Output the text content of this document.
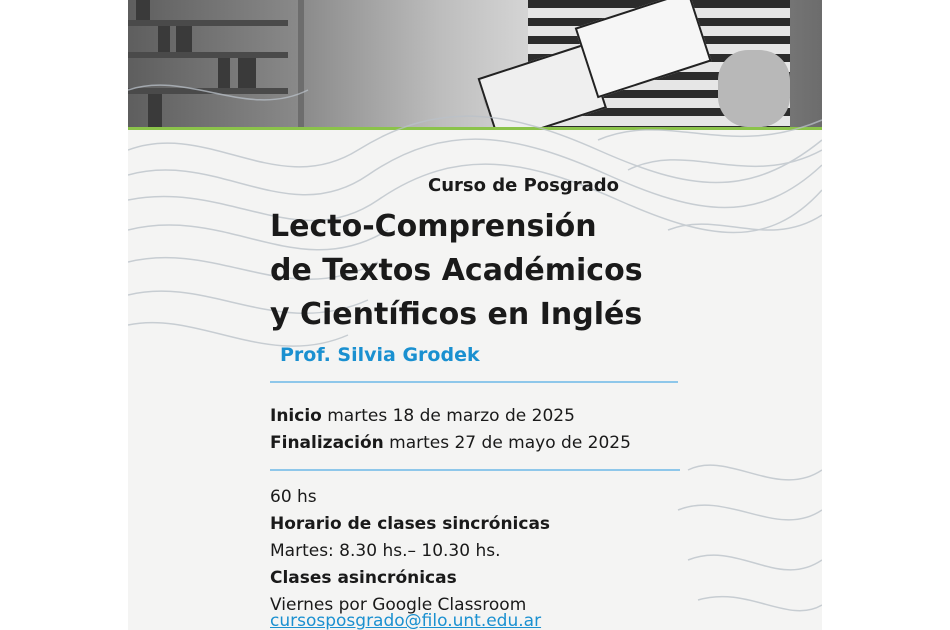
Curso de Posgrado
Lecto-Comprensión
de Textos Académicos
y Científicos en Inglés
Prof. Silvia Grodek
Inicio martes 18 de marzo de 2025
Finalización martes 27 de mayo de 2025
60 hs
Horario de clases sincrónicas
Martes: 8.30 hs.– 10.30 hs.
Clases asincrónicas
Viernes por Google Classroom
cursosposgrado@filo.unt.edu.ar
